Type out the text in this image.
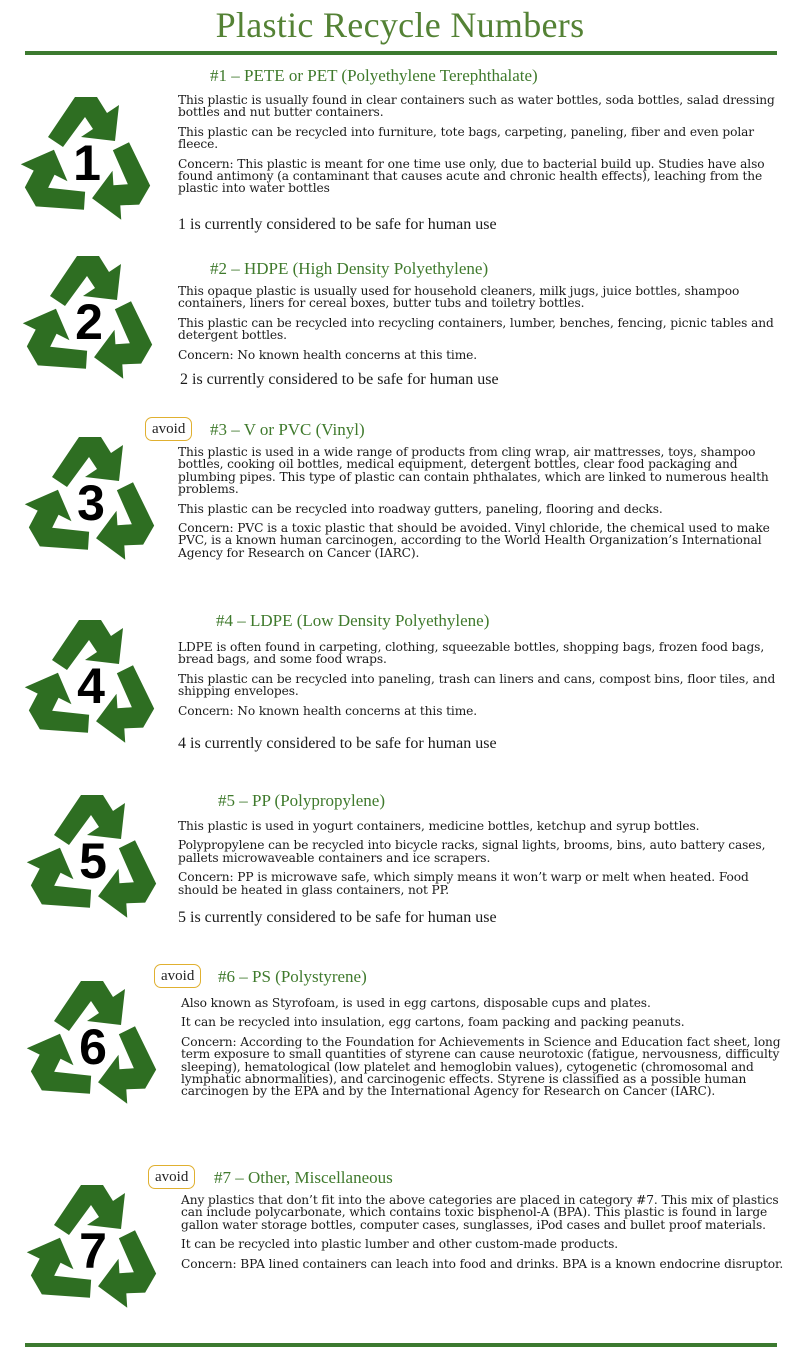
Plastic Recycle Numbers
1
#1 – PETE or PET (Polyethylene Terephthalate)

This plastic is usually found in clear containers such as water bottles, soda bottles, salad dressing bottles and nut butter containers.

This plastic can be recycled into furniture, tote bags, carpeting, paneling, fiber and even polar fleece.

Concern: This plastic is meant for one time use only, due to bacterial build up. Studies have also found antimony (a contaminant that causes acute and chronic health effects), leaching from the plastic into water bottles

1 is currently considered to be safe for human use
2
#2 – HDPE (High Density Polyethylene)

This opaque plastic is usually used for household cleaners, milk jugs, juice bottles, shampoo containers, liners for cereal boxes, butter tubs and toiletry bottles.

This plastic can be recycled into recycling containers, lumber, benches, fencing, picnic tables and detergent bottles.

Concern: No known health concerns at this time.

2 is currently considered to be safe for human use
3
avoid	#3 – V or PVC (Vinyl)

This plastic is used in a wide range of products from cling wrap, air mattresses, toys, shampoo bottles, cooking oil bottles, medical equipment, detergent bottles, clear food packaging and plumbing pipes. This type of plastic can contain phthalates, which are linked to numerous health problems.

This plastic can be recycled into roadway gutters, paneling, flooring and decks.

Concern: PVC is a toxic plastic that should be avoided. Vinyl chloride, the chemical used to make PVC, is a known human carcinogen, according to the World Health Organization’s International Agency for Research on Cancer (IARC).

4
#4 – LDPE (Low Density Polyethylene)

LDPE is often found in carpeting, clothing, squeezable bottles, shopping bags, frozen food bags, bread bags, and some food wraps.

This plastic can be recycled into paneling, trash can liners and cans, compost bins, floor tiles, and shipping envelopes.

Concern: No known health concerns at this time.

4 is currently considered to be safe for human use
5
#5 – PP (Polypropylene)

This plastic is used in yogurt containers, medicine bottles, ketchup and syrup bottles.

Polypropylene can be recycled into bicycle racks, signal lights, brooms, bins, auto battery cases, pallets microwaveable containers and ice scrapers.

Concern: PP is microwave safe, which simply means it won’t warp or melt when heated. Food should be heated in glass containers, not PP.

5 is currently considered to be safe for human use
6
avoid	#6 – PS (Polystyrene)

Also known as Styrofoam, is used in egg cartons, disposable cups and plates.

It can be recycled into insulation, egg cartons, foam packing and packing peanuts.

Concern: According to the Foundation for Achievements in Science and Education fact sheet, long term exposure to small quantities of styrene can cause neurotoxic (fatigue, nervousness, difficulty sleeping), hematological (low platelet and hemoglobin values), cytogenetic (chromosomal and lymphatic abnormalities), and carcinogenic effects. Styrene is classified as a possible human carcinogen by the EPA and by the International Agency for Research on Cancer (IARC).

7
avoid	#7 – Other, Miscellaneous

Any plastics that don’t fit into the above categories are placed in category #7. This mix of plastics can include polycarbonate, which contains toxic bisphenol-A (BPA). This plastic is found in large gallon water storage bottles, computer cases, sunglasses, iPod cases and bullet proof materials.

It can be recycled into plastic lumber and other custom-made products.

Concern: BPA lined containers can leach into food and drinks. BPA is a known endocrine disruptor.
